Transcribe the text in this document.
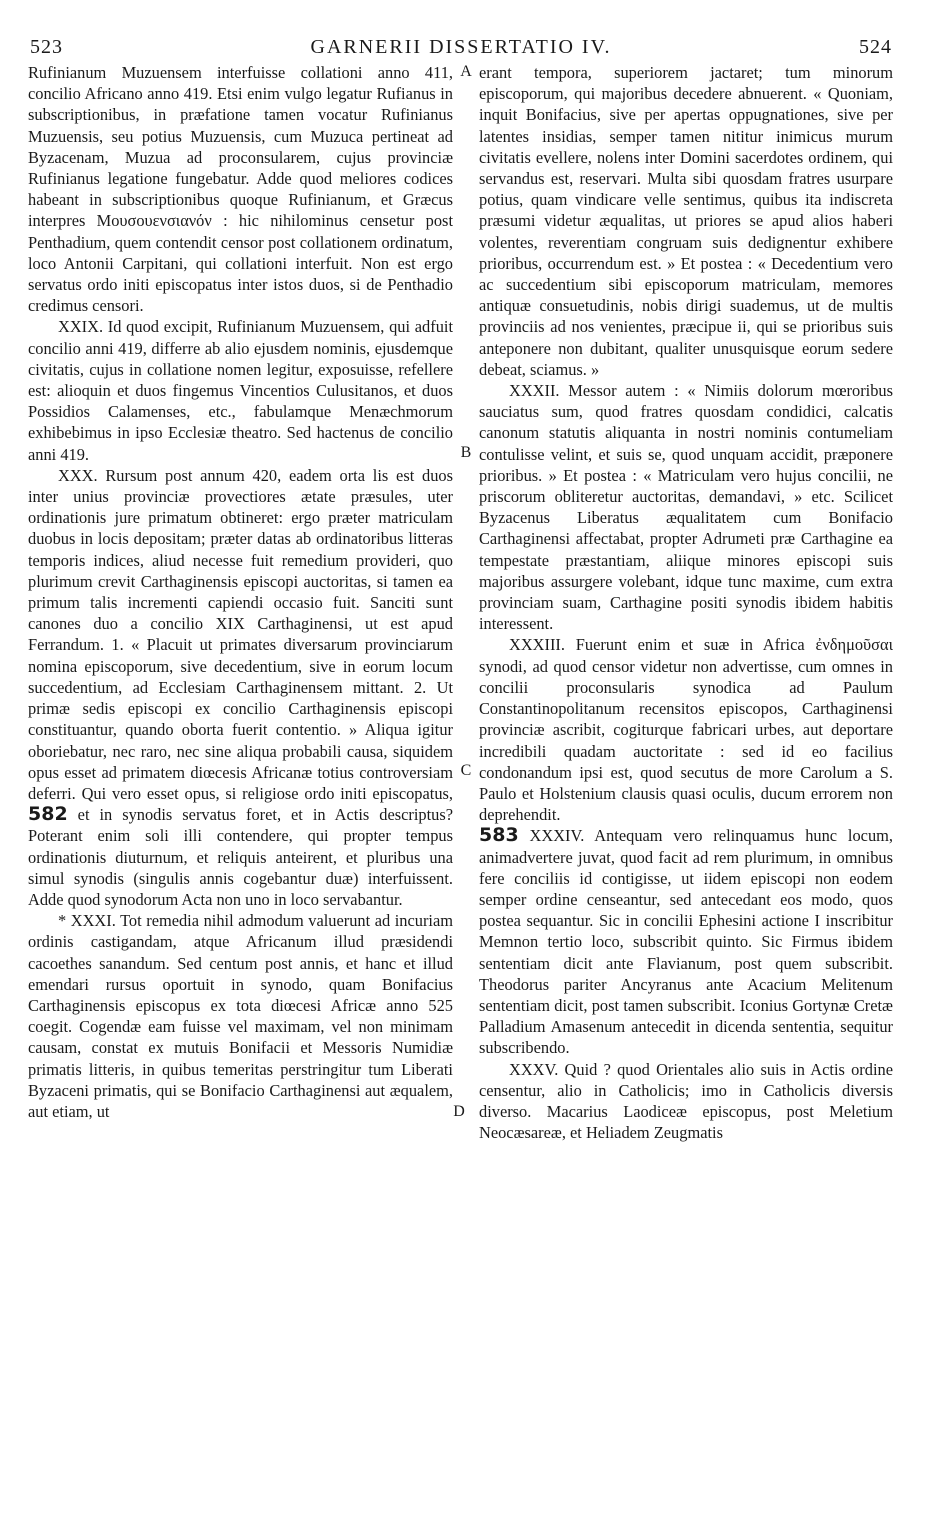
523	GARNERII DISSERTATIO IV.	524

Rufinianum Muzuensem interfuisse collationi anno 411, concilio Africano anno 419. Etsi enim vulgo legatur Rufianus in subscriptionibus, in præfatione tamen vocatur Rufinianus Muzuensis, seu potius Muzuensis, cum Muzuca pertineat ad Byzacenam, Muzua ad proconsularem, cujus provinciæ Rufinianus legatione fungebatur. Adde quod meliores codices habeant in subscriptionibus quoque Rufinianum, et Græcus interpres Μουσουενσιανόν : hic nihilominus censetur post Penthadium, quem contendit censor post collationem ordinatum, loco Antonii Carpitani, qui collationi interfuit. Non est ergo servatus ordo initi episcopatus inter istos duos, si de Penthadio credimus censori.

XXIX. Id quod excipit, Rufinianum Muzuensem, qui adfuit concilio anni 419, differre ab alio ejusdem nominis, ejusdemque civitatis, cujus in collatione nomen legitur, exposuisse, refellere est: alioquin et duos fingemus Vincentios Culusitanos, et duos Possidios Calamenses, etc., fabulamque Menæchmorum exhibebimus in ipso Ecclesiæ theatro. Sed hactenus de concilio anni 419.

XXX. Rursum post annum 420, eadem orta lis est duos inter unius provinciæ provectiores ætate præsules, uter ordinationis jure primatum obtineret: ergo præter matriculam duobus in locis depositam; præter datas ab ordinatoribus litteras temporis indices, aliud necesse fuit remedium provideri, quo plurimum crevit Carthaginensis episcopi auctoritas, si tamen ea primum talis incrementi capiendi occasio fuit. Sanciti sunt canones duo a concilio XIX Carthaginensi, ut est apud Ferrandum. 1. « Placuit ut primates diversarum provinciarum nomina episcoporum, sive decedentium, sive in eorum locum succedentium, ad Ecclesiam Carthaginensem mittant. 2. Ut primæ sedis episcopi ex concilio Carthaginensis episcopi constituantur, quando oborta fuerit contentio. » Aliqua igitur oboriebatur, nec raro, nec sine aliqua probabili causa, siquidem opus esset ad primatem diœcesis Africanæ totius controversiam deferri. Qui vero esset opus, si religiose ordo initi episcopatus, 582 et in synodis servatus foret, et in Actis descriptus? Poterant enim soli illi contendere, qui propter tempus ordinationis diuturnum, et reliquis anteirent, et pluribus una simul synodis (singulis annis cogebantur duæ) interfuissent. Adde quod synodorum Acta non uno in loco servabantur.

* XXXI. Tot remedia nihil admodum valuerunt ad incuriam ordinis castigandam, atque Africanum illud præsidendi cacoethes sanandum. Sed centum post annis, et hanc et illud emendari rursus oportuit in synodo, quam Bonifacius Carthaginensis episcopus ex tota diœcesi Africæ anno 525 coegit. Cogendæ eam fuisse vel maximam, vel non minimam causam, constat ex mutuis Bonifacii et Messoris Numidiæ primatis litteris, in quibus temeritas perstringitur tum Liberati Byzaceni primatis, qui se Bonifacio Carthaginensi aut æqualem, aut etiam, ut

A
B
C
D

erant tempora, superiorem jactaret; tum minorum episcoporum, qui majoribus decedere abnuerent. « Quoniam, inquit Bonifacius, sive per apertas oppugnationes, sive per latentes insidias, semper tamen nititur inimicus murum civitatis evellere, nolens inter Domini sacerdotes ordinem, qui servandus est, reservari. Multa sibi quosdam fratres usurpare potius, quam vindicare velle sentimus, quibus ita indiscreta præsumi videtur æqualitas, ut priores se apud alios haberi volentes, reverentiam congruam suis dedignentur exhibere prioribus, occurrendum est. » Et postea : « Decedentium vero ac succedentium sibi episcoporum matriculam, memores antiquæ consuetudinis, nobis dirigi suademus, ut de multis provinciis ad nos venientes, præcipue ii, qui se prioribus suis anteponere non dubitant, qualiter unusquisque eorum sedere debeat, sciamus. »

XXXII. Messor autem : « Nimiis dolorum mœroribus sauciatus sum, quod fratres quosdam condidici, calcatis canonum statutis aliquanta in nostri nominis contumeliam contulisse velint, et suis se, quod unquam accidit, præponere prioribus. » Et postea : « Matriculam vero hujus concilii, ne priscorum obliteretur auctoritas, demandavi, » etc. Scilicet Byzacenus Liberatus æqualitatem cum Bonifacio Carthaginensi affectabat, propter Adrumeti præ Carthagine ea tempestate præstantiam, aliique minores episcopi suis majoribus assurgere volebant, idque tunc maxime, cum extra provinciam suam, Carthagine positi synodis ibidem habitis interessent.

XXXIII. Fuerunt enim et suæ in Africa ἐνδημοῦσαι synodi, ad quod censor videtur non advertisse, cum omnes in concilii proconsularis synodica ad Paulum Constantinopolitanum recensitos episcopos, Carthaginensi provinciæ ascribit, cogiturque fabricari urbes, aut deportare incredibili quadam auctoritate : sed id eo facilius condonandum ipsi est, quod secutus de more Carolum a S. Paulo et Holstenium clausis quasi oculis, ducum errorem non deprehendit.

583 XXXIV. Antequam vero relinquamus hunc locum, animadvertere juvat, quod facit ad rem plurimum, in omnibus fere conciliis id contigisse, ut iidem episcopi non eodem semper ordine censeantur, sed antecedant eos modo, quos postea sequantur. Sic in concilii Ephesini actione I inscribitur Memnon tertio loco, subscribit quinto. Sic Firmus ibidem sententiam dicit ante Flavianum, post quem subscribit. Theodorus pariter Ancyranus ante Acacium Melitenum sententiam dicit, post tamen subscribit. Iconius Gortynæ Cretæ Palladium Amasenum antecedit in dicenda sententia, sequitur subscribendo.

XXXV. Quid ? quod Orientales alio suis in Actis ordine censentur, alio in Catholicis; imo in Catholicis diversis diverso. Macarius Laodiceæ episcopus, post Meletium Neocæsareæ, et Heliadem Zeugmatis
